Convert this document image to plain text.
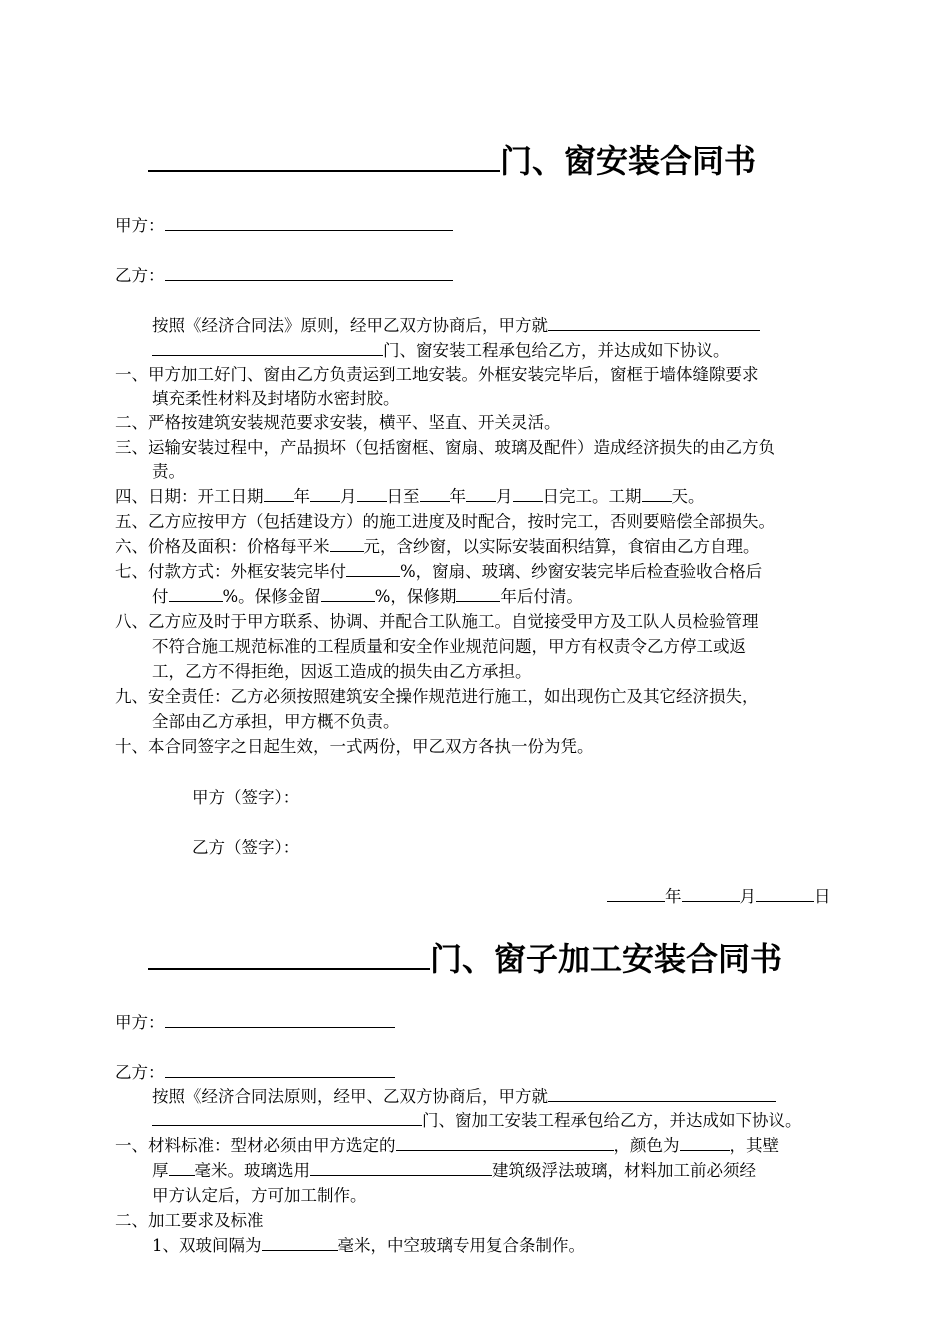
门、窗安装合同书
甲方：
乙方：
按照《经济合同法》原则，经甲乙双方协商后，甲方就
门、窗安装工程承包给乙方，并达成如下协议。
一、甲方加工好门、窗由乙方负责运到工地安装。外框安装完毕后，窗框于墙体缝隙要求
填充柔性材料及封堵防水密封胶。
二、严格按建筑安装规范要求安装，横平、坚直、开关灵活。
三、运输安装过程中，产品损坏（包括窗框、窗扇、玻璃及配件）造成经济损失的由乙方负
责。
四、日期：开工日期 年 月 日至 年 月 日完工。工期 天。
五、乙方应按甲方（包括建设方）的施工进度及时配合，按时完工，否则要赔偿全部损失。
六、价格及面积：价格每平米 元，含纱窗，以实际安装面积结算，食宿由乙方自理。
七、付款方式：外框安装完毕付	%，窗扇、玻璃、纱窗安装完毕后检查验收合格后
付	%。保修金留	%，保修期	年后付清。
八、乙方应及时于甲方联系、协调、并配合工队施工。自觉接受甲方及工队人员检验管理
不符合施工规范标准的工程质量和安全作业规范问题，甲方有权责令乙方停工或返
工，乙方不得拒绝，因返工造成的损失由乙方承担。
九、安全责任：乙方必须按照建筑安全操作规范进行施工，如出现伤亡及其它经济损失，
全部由乙方承担，甲方概不负责。
十、本合同签字之日起生效，一式两份，甲乙双方各执一份为凭。
甲方（签字）：
乙方（签字）：
年	月	日
门、窗子加工安装合同书
甲方：
乙方：
按照《经济合同法原则，经甲、乙双方协商后，甲方就
门、窗加工安装工程承包给乙方，并达成如下协议。
一、材料标准：型材必须由甲方选定的	，颜色为	，其壁
厚 毫米。玻璃选用	建筑级浮法玻璃，材料加工前必须经
甲方认定后，方可加工制作。
二、加工要求及标准
1、双玻间隔为	毫米，中空玻璃专用复合条制作。
